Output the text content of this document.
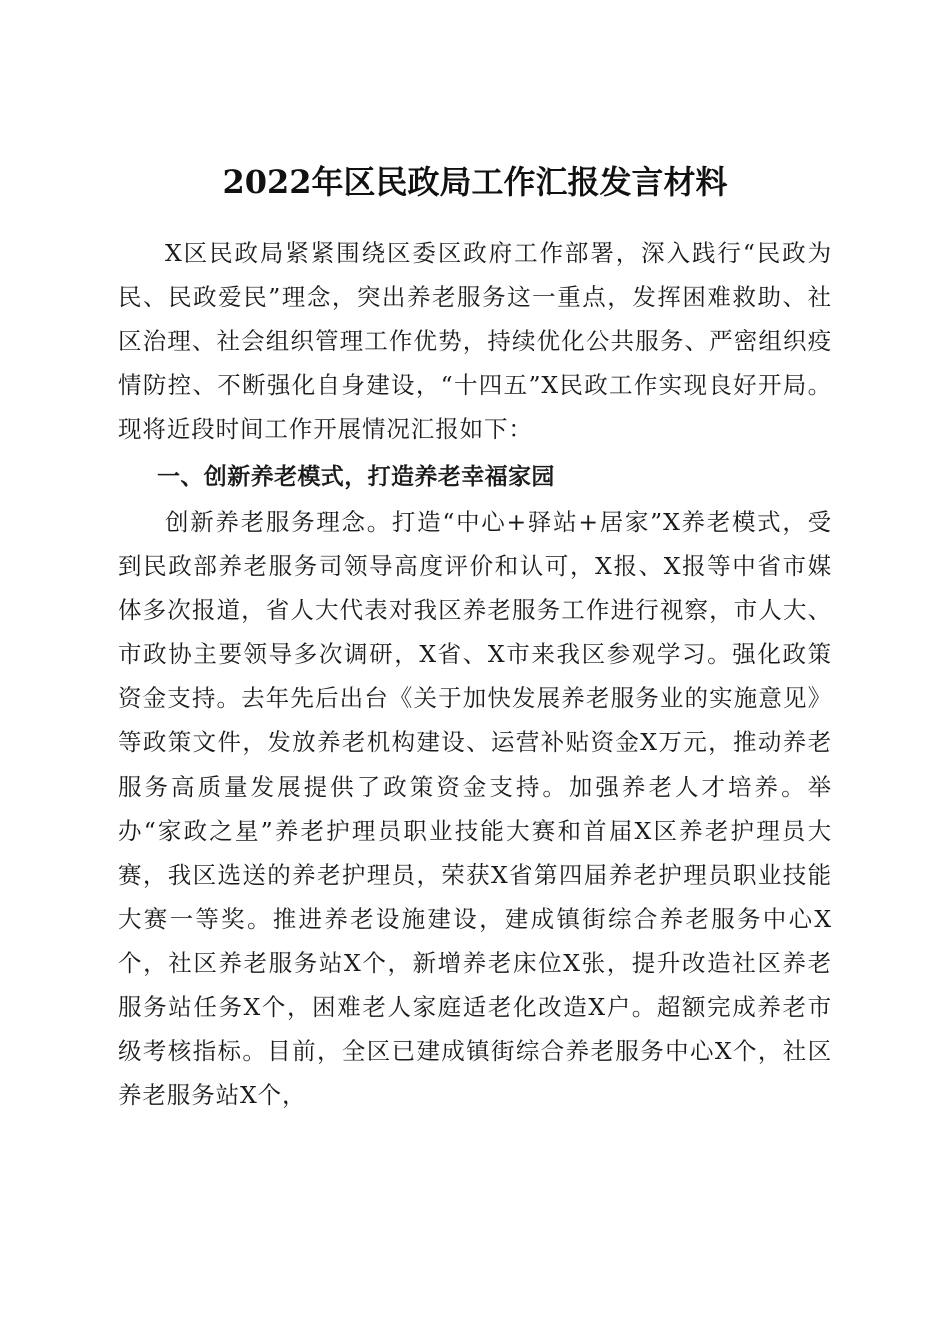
2022年区民政局工作汇报发言材料

X区民政局紧紧围绕区委区政府工作部署，深入践行“民政为民、民政爱民”理念，突出养老服务这一重点，发挥困难救助、社区治理、社会组织管理工作优势，持续优化公共服务、严密组织疫情防控、不断强化自身建设，“十四五”X民政工作实现良好开局。现将近段时间工作开展情况汇报如下：

一、创新养老模式，打造养老幸福家园

创新养老服务理念。打造“中心+驿站+居家”X养老模式，受到民政部养老服务司领导高度评价和认可，X报、X报等中省市媒体多次报道，省人大代表对我区养老服务工作进行视察，市人大、市政协主要领导多次调研，X省、X市来我区参观学习。强化政策资金支持。去年先后出台《关于加快发展养老服务业的实施意见》等政策文件，发放养老机构建设、运营补贴资金X万元，推动养老服务高质量发展提供了政策资金支持。加强养老人才培养。举办“家政之星”养老护理员职业技能大赛和首届X区养老护理员大赛，我区选送的养老护理员，荣获X省第四届养老护理员职业技能大赛一等奖。推进养老设施建设，建成镇街综合养老服务中心X个，社区养老服务站X个，新增养老床位X张，提升改造社区养老服务站任务X个，困难老人家庭适老化改造X户。超额完成养老市级考核指标。目前，全区已建成镇街综合养老服务中心X个，社区养老服务站X个，
